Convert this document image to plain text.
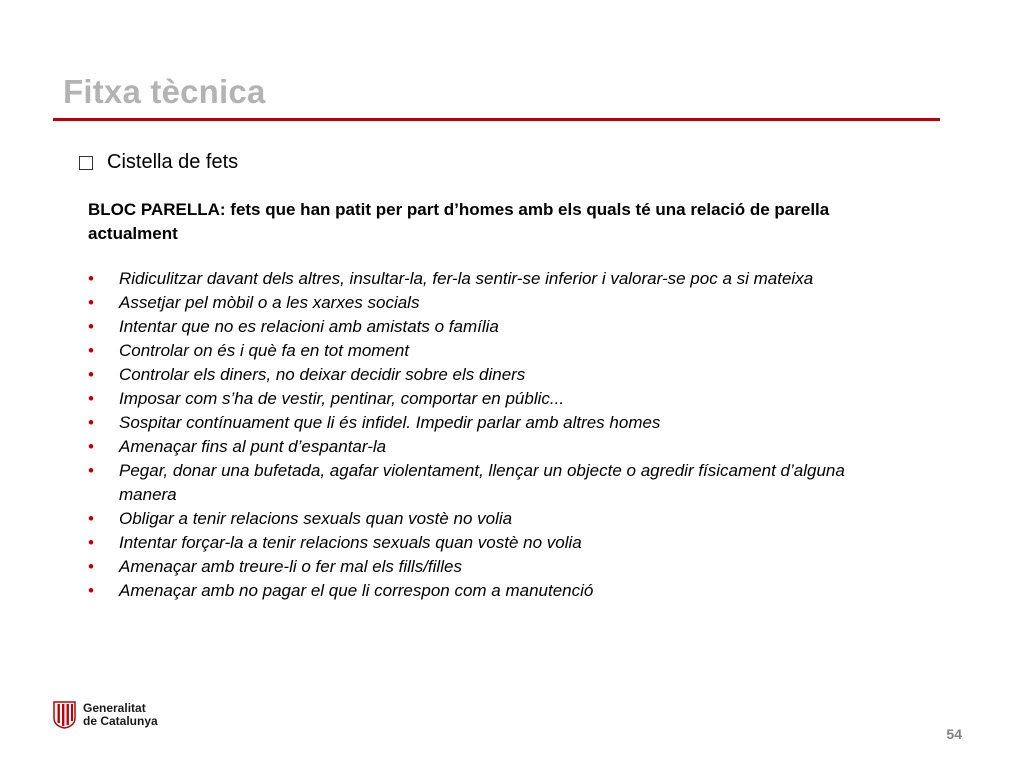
Fitxa tècnica
Cistella de fets

BLOC PARELLA: fets que han patit per part d’homes amb els quals té una relació de parella actualment

• Ridiculitzar davant dels altres, insultar-la, fer-la sentir-se inferior i valorar-se poc a si mateixa
• Assetjar pel mòbil o a les xarxes socials
• Intentar que no es relacioni amb amistats o família
• Controlar on és i què fa en tot moment
• Controlar els diners, no deixar decidir sobre els diners
• Imposar com s’ha de vestir, pentinar, comportar en públic...
• Sospitar contínuament que li és infidel. Impedir parlar amb altres homes
• Amenaçar fins al punt d’espantar-la
• Pegar, donar una bufetada, agafar violentament, llençar un objecte o agredir físicament d’alguna manera
• Obligar a tenir relacions sexuals quan vostè no volia
• Intentar forçar-la a tenir relacions sexuals quan vostè no volia
• Amenaçar amb treure-li o fer mal els fills/filles
• Amenaçar amb no pagar el que li correspon com a manutenció
Generalitat
de Catalunya
54
